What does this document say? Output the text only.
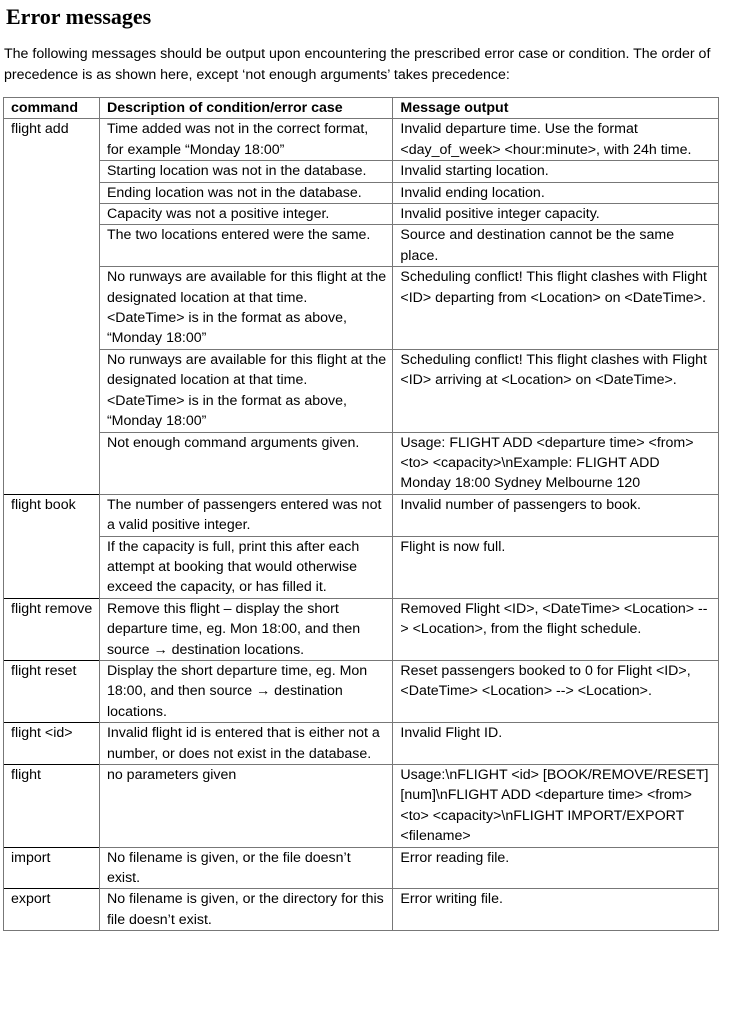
Error messages

The following messages should be output upon encountering the prescribed error case or condition. The order of precedence is as shown here, except ‘not enough arguments’ takes precedence:

command	Description of condition/error case	Message output
flight add	Time added was not in the correct format, for example “Monday 18:00”	Invalid departure time. Use the format <day_of_week> <hour:minute>, with 24h time.
	Starting location was not in the database.	Invalid starting location.
	Ending location was not in the database.	Invalid ending location.
	Capacity was not a positive integer.	Invalid positive integer capacity.
	The two locations entered were the same.	Source and destination cannot be the same place.
	No runways are available for this flight at the designated location at that time. <DateTime> is in the format as above, “Monday 18:00”	Scheduling conflict! This flight clashes with Flight <ID> departing from <Location> on <DateTime>.
	No runways are available for this flight at the designated location at that time. <DateTime> is in the format as above, “Monday 18:00”	Scheduling conflict! This flight clashes with Flight <ID> arriving at <Location> on <DateTime>.
	Not enough command arguments given.	Usage: FLIGHT ADD <departure time> <from> <to> <capacity>\nExample: FLIGHT ADD Monday 18:00 Sydney Melbourne 120
flight book	The number of passengers entered was not a valid positive integer.	Invalid number of passengers to book.
	If the capacity is full, print this after each attempt at booking that would otherwise exceed the capacity, or has filled it.	Flight is now full.
flight remove	Remove this flight – display the short departure time, eg. Mon 18:00, and then source → destination locations.	Removed Flight <ID>, <DateTime> <Location> --> <Location>, from the flight schedule.
flight reset	Display the short departure time, eg. Mon 18:00, and then source → destination locations.	Reset passengers booked to 0 for Flight <ID>, <DateTime> <Location> --> <Location>.
flight <id>	Invalid flight id is entered that is either not a number, or does not exist in the database.	Invalid Flight ID.
flight	no parameters given	Usage:\nFLIGHT <id> [BOOK/REMOVE/RESET] [num]\nFLIGHT ADD <departure time> <from> <to> <capacity>\nFLIGHT IMPORT/EXPORT <filename>
import	No filename is given, or the file doesn’t exist.	Error reading file.
export	No filename is given, or the directory for this file doesn’t exist.	Error writing file.
